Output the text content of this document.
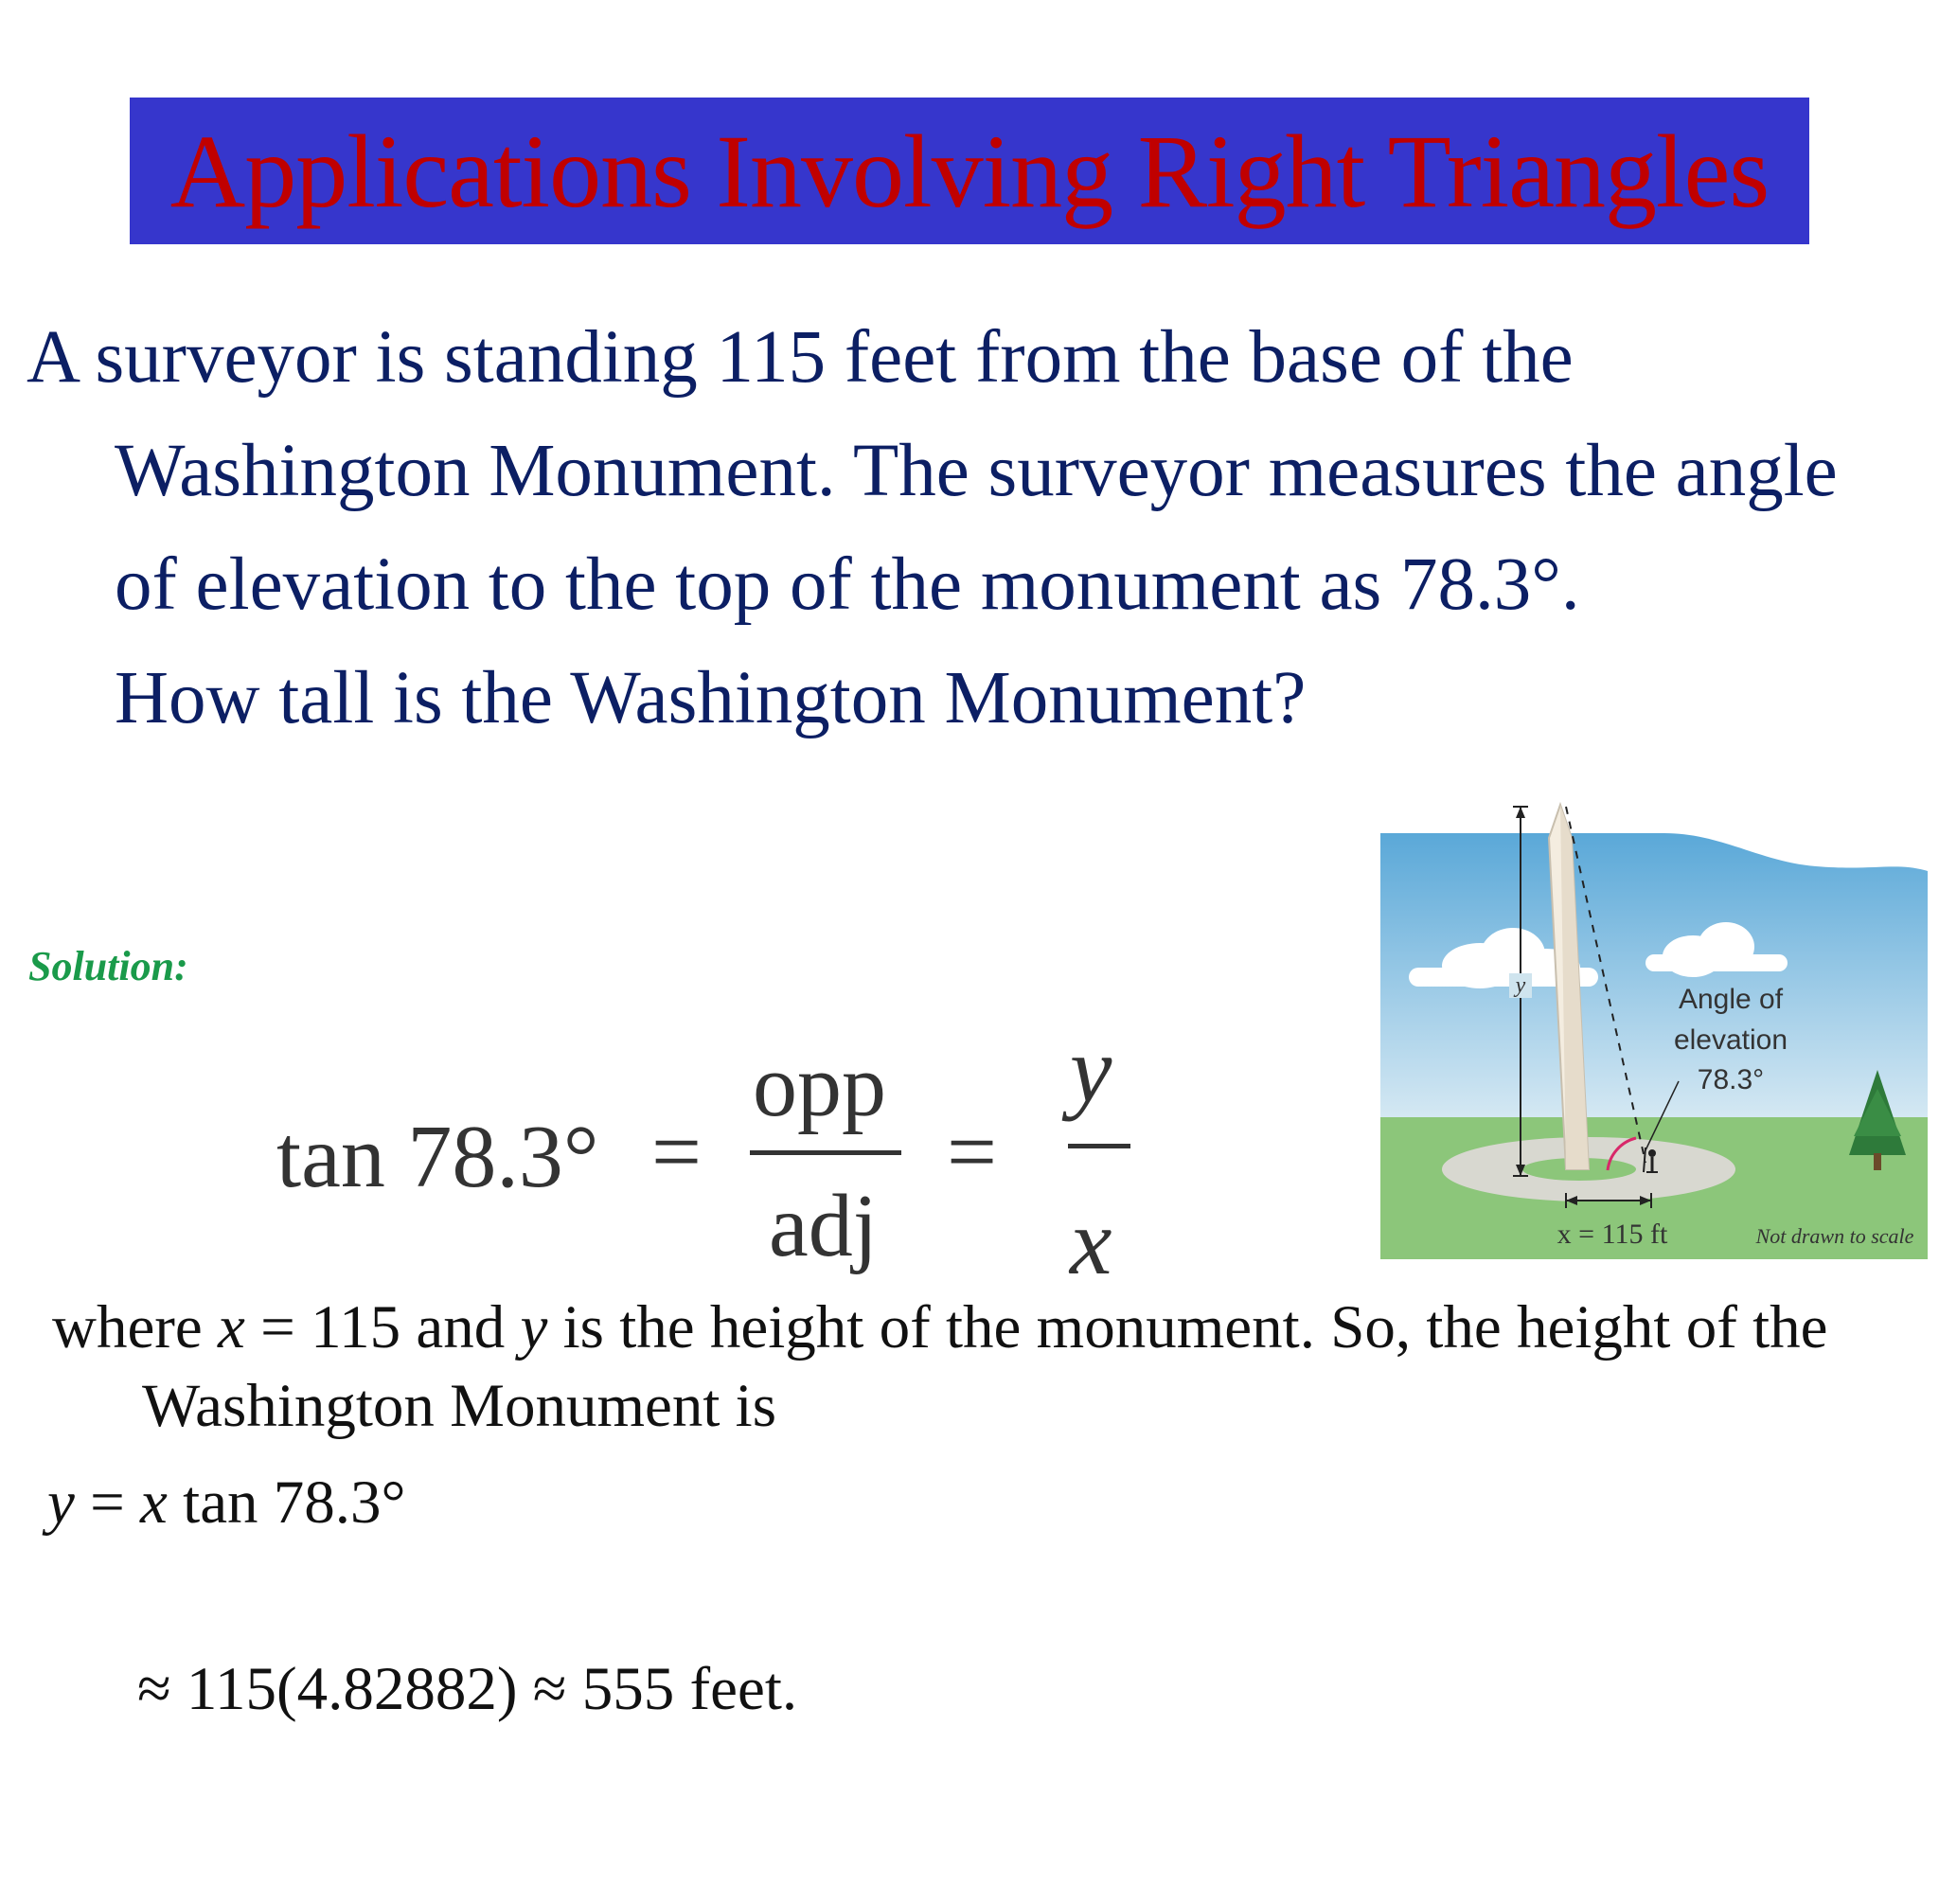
Applications Involving Right Triangles
A surveyor is standing 115 feet from the base of the
Washington Monument. The surveyor measures the angle
of elevation to the top of the monument as 78.3°.
How tall is the Washington Monument?
Solution:
tan 78.3° =
opp
adj
=
y
x
where x = 115 and y is the height of the monument. So, the height of the
Washington Monument is
y = x tan 78.3°
≈ 115(4.82882) ≈ 555 feet.
y	Angle of
elevation
78.3°
x = 115 ft	Not drawn to scale
